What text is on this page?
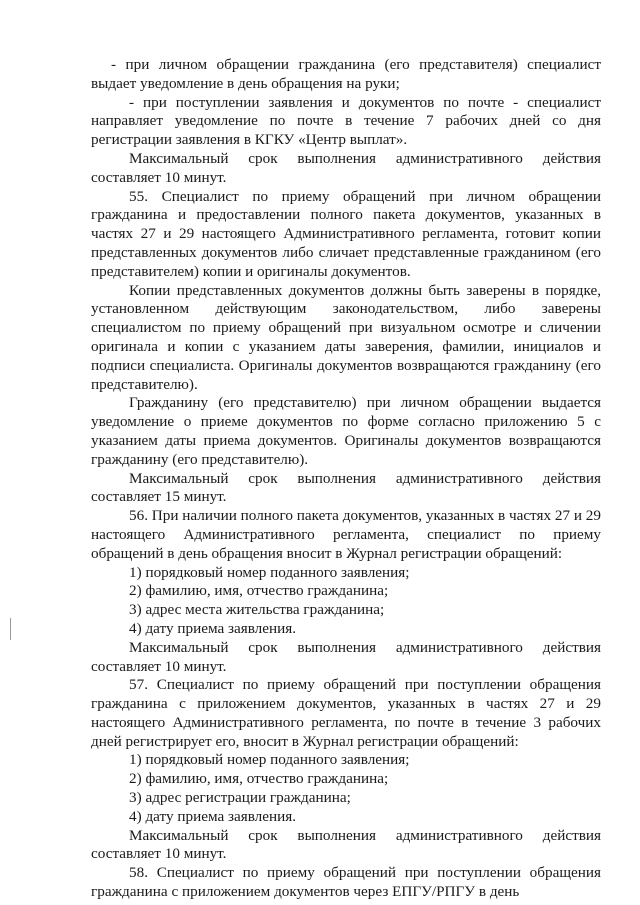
- при личном обращении гражданина (его представителя) специалист выдает уведомление в день обращения на руки;

- при поступлении заявления и документов по почте - специалист направляет уведомление по почте в течение 7 рабочих дней со дня регистрации заявления в КГКУ «Центр выплат».

Максимальный срок выполнения административного действия составляет 10 минут.

55. Специалист по приему обращений при личном обращении гражданина и предоставлении полного пакета документов, указанных в частях 27 и 29 настоящего Административного регламента, готовит копии представленных документов либо сличает представленные гражданином (его представителем) копии и оригиналы документов.

Копии представленных документов должны быть заверены в порядке, установленном действующим законодательством, либо заверены специалистом по приему обращений при визуальном осмотре и сличении оригинала и копии с указанием даты заверения, фамилии, инициалов и подписи специалиста. Оригиналы документов возвращаются гражданину (его представителю).

Гражданину (его представителю) при личном обращении выдается уведомление о приеме документов по форме согласно приложению 5 с указанием даты приема документов. Оригиналы документов возвращаются гражданину (его представителю).

Максимальный срок выполнения административного действия составляет 15 минут.

56. При наличии полного пакета документов, указанных в частях 27 и 29 настоящего Административного регламента, специалист по приему обращений в день обращения вносит в Журнал регистрации обращений:

1) порядковый номер поданного заявления;

2) фамилию, имя, отчество гражданина;

3) адрес места жительства гражданина;

4) дату приема заявления.

Максимальный срок выполнения административного действия составляет 10 минут.

57. Специалист по приему обращений при поступлении обращения гражданина с приложением документов, указанных в частях 27 и 29 настоящего Административного регламента, по почте в течение 3 рабочих дней регистрирует его, вносит в Журнал регистрации обращений:

1) порядковый номер поданного заявления;

2) фамилию, имя, отчество гражданина;

3) адрес регистрации гражданина;

4) дату приема заявления.

Максимальный срок выполнения административного действия составляет 10 минут.

58. Специалист по приему обращений при поступлении обращения гражданина с приложением документов через ЕПГУ/РПГУ в день
